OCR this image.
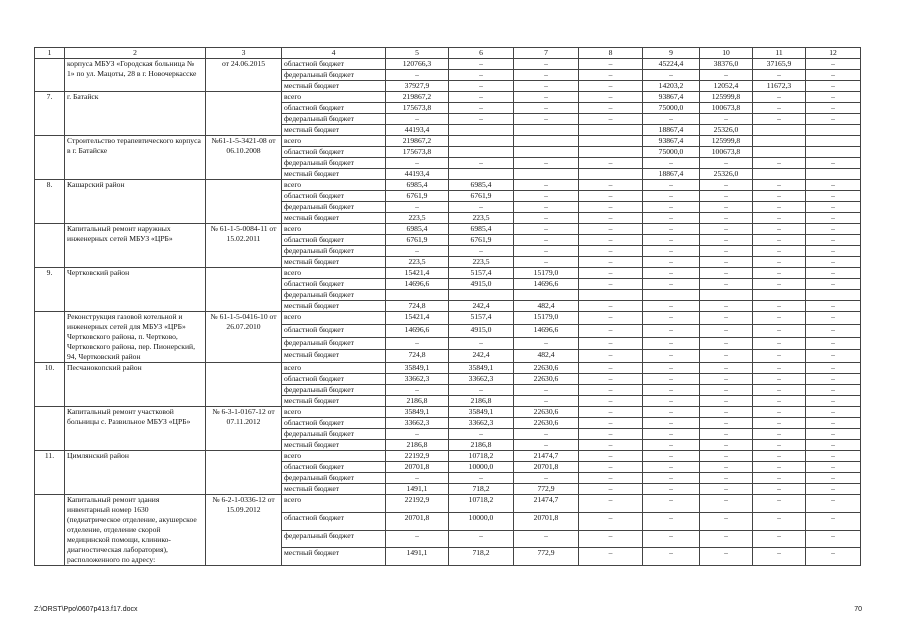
1	2	3	4	5	6	7	8	9	10	11	12
	корпуса МБУЗ «Городская больница № 1» по ул. Мацоты, 28 в г. Новочеркасске	от 24.06.2015	областной бюджет	120766,3	–	–	–	45224,4	38376,0	37165,9	–
			федеральный бюджет	–	–	–	–	–	–	–	–
			местный бюджет	37927,9	–	–	–	14203,2	12052,4	11672,3	–
7.	г. Батайск		всего	219867,2	–	–	–	93867,4	125999,8	–	–
			областной бюджет	175673,8	–	–	–	75000,0	100673,8	–	–
			федеральный бюджет	–	–	–	–	–	–	–	–
			местный бюджет	44193,4				18867,4	25326,0		
	Строительство терапевтического корпуса в г. Батайске	№61-1-5-3421-08 от 06.10.2008	всего	219867,2				93867,4	125999,8		
			областной бюджет	175673,8				75000,0	100673,8		
			федеральный бюджет	–	–	–	–	–	–	–	–
			местный бюджет	44193,4				18867,4	25326,0		
8.	Кашарский район		всего	6985,4	6985,4	–	–	–	–	–	–
			областной бюджет	6761,9	6761,9	–	–	–	–	–	–
			федеральный бюджет	–	–	–	–	–	–	–	–
			местный бюджет	223,5	223,5	–	–	–	–	–	–
	Капитальный ремонт наружных инженерных сетей МБУЗ «ЦРБ»	№ 61-1-5-0084-11 от 15.02.2011	всего	6985,4	6985,4	–	–	–	–	–	–
			областной бюджет	6761,9	6761,9	–	–	–	–	–	–
			федеральный бюджет	–	–	–	–	–	–	–	–
			местный бюджет	223,5	223,5	–	–	–	–	–	–
9.	Чертковский район		всего	15421,4	5157,4	15179,0	–	–	–	–	–
			областной бюджет	14696,6	4915,0	14696,6	–	–	–	–	–
			федеральный бюджет								
			местный бюджет	724,8	242,4	482,4	–	–	–	–	–
	Реконструкция газовой котельной и инженерных сетей для МБУЗ «ЦРБ» Чертковского района, п. Чертково, Чертковского района, пер. Пионерский, 94, Чертковский район	№ 61-1-5-0416-10 от 26.07.2010	всего	15421,4	5157,4	15179,0	–	–	–	–	–
			областной бюджет	14696,6	4915,0	14696,6	–	–	–	–	–
			федеральный бюджет	–	–	–	–	–	–	–	–
			местный бюджет	724,8	242,4	482,4	–	–	–	–	–
10.	Песчанокопский район		всего	35849,1	35849,1	22630,6	–	–	–	–	–
			областной бюджет	33662,3	33662,3	22630,6	–	–	–	–	–
			федеральный бюджет	–	–	–	–	–	–	–	–
			местный бюджет	2186,8	2186,8	–	–	–	–	–	–
	Капитальный ремонт участковой больницы с. Развильное МБУЗ «ЦРБ»	№ 6-3-1-0167-12 от 07.11.2012	всего	35849,1	35849,1	22630,6	–	–	–	–	–
			областной бюджет	33662,3	33662,3	22630,6	–	–	–	–	–
			федеральный бюджет	–	–	–	–	–	–	–	–
			местный бюджет	2186,8	2186,8	–	–	–	–	–	–
11.	Цимлянский район		всего	22192,9	10718,2	21474,7	–	–	–	–	–
			областной бюджет	20701,8	10000,0	20701,8	–	–	–	–	–
			федеральный бюджет	–	–	–	–	–	–	–	–
			местный бюджет	1491,1	718,2	772,9	–	–	–	–	–
	Капитальный ремонт здания инвентарный номер 1630 (педиатрическое отделение, акушерское отделение, отделение скорой медицинской помощи, клинико-диагностическая лаборатория), расположенного по адресу:	№ 6-2-1-0336-12 от 15.09.2012	всего	22192,9	10718,2	21474,7	–	–	–	–	–
			областной бюджет	20701,8	10000,0	20701,8	–	–	–	–	–
			федеральный бюджет	–	–	–	–	–	–	–	–
			местный бюджет	1491,1	718,2	772,9	–	–	–	–	–
Z:\ORST\Ppo\0607p413.f17.docx	70
